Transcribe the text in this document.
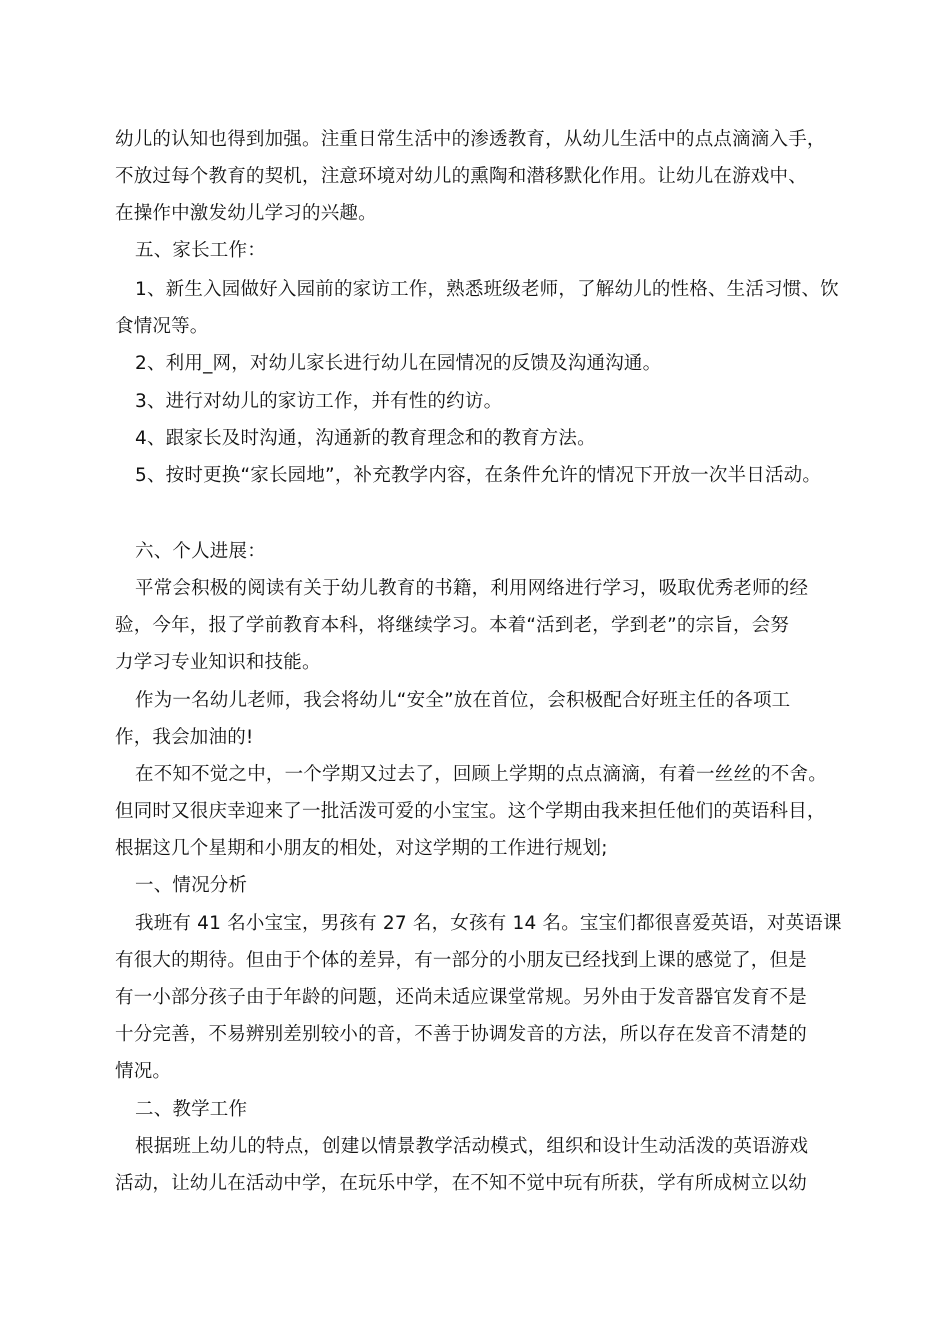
幼儿的认知也得到加强。注重日常生活中的渗透教育，从幼儿生活中的点点滴滴入手，
不放过每个教育的契机，注意环境对幼儿的熏陶和潜移默化作用。让幼儿在游戏中、
在操作中激发幼儿学习的兴趣。
五、家长工作：
1、新生入园做好入园前的家访工作，熟悉班级老师，了解幼儿的性格、生活习惯、饮
食情况等。
2、利用_网，对幼儿家长进行幼儿在园情况的反馈及沟通沟通。
3、进行对幼儿的家访工作，并有性的约访。
4、跟家长及时沟通，沟通新的教育理念和的教育方法。
5、按时更换“家长园地”，补充教学内容，在条件允许的情况下开放一次半日活动。
六、个人进展：
平常会积极的阅读有关于幼儿教育的书籍，利用网络进行学习，吸取优秀老师的经
验，今年，报了学前教育本科，将继续学习。本着“活到老，学到老”的宗旨，会努
力学习专业知识和技能。
作为一名幼儿老师，我会将幼儿“安全”放在首位，会积极配合好班主任的各项工
作，我会加油的!
在不知不觉之中，一个学期又过去了，回顾上学期的点点滴滴，有着一丝丝的不舍。
但同时又很庆幸迎来了一批活泼可爱的小宝宝。这个学期由我来担任他们的英语科目，
根据这几个星期和小朋友的相处，对这学期的工作进行规划;
一、情况分析
我班有 41 名小宝宝，男孩有 27 名，女孩有 14 名。宝宝们都很喜爱英语，对英语课
有很大的期待。但由于个体的差异，有一部分的小朋友已经找到上课的感觉了，但是
有一小部分孩子由于年龄的问题，还尚未适应课堂常规。另外由于发音器官发育不是
十分完善，不易辨别差别较小的音，不善于协调发音的方法，所以存在发音不清楚的
情况。
二、教学工作
根据班上幼儿的特点，创建以情景教学活动模式，组织和设计生动活泼的英语游戏
活动，让幼儿在活动中学，在玩乐中学，在不知不觉中玩有所获，学有所成树立以幼
